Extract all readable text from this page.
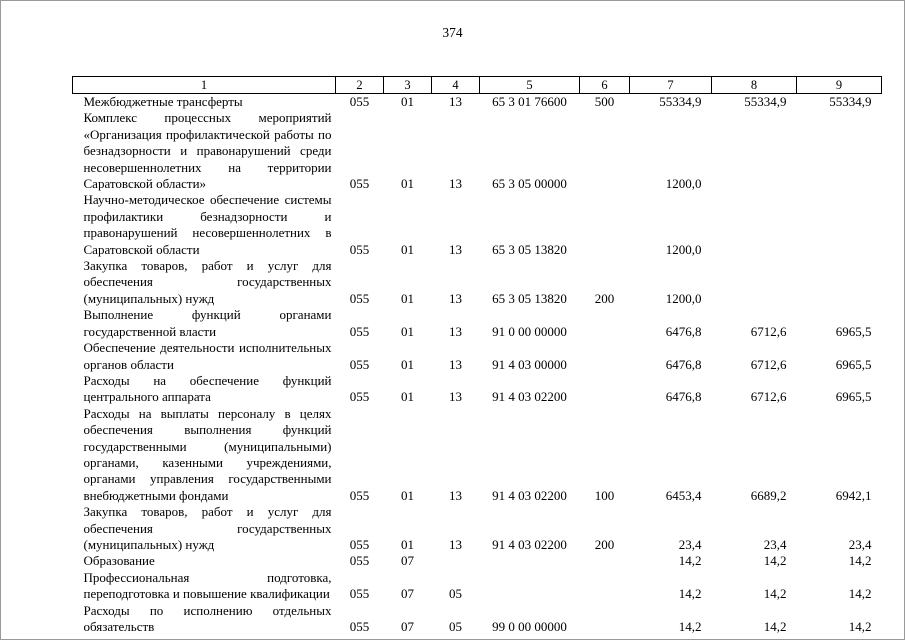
374
1	2	3	4	5	6	7	8	9
Межбюджетные трансферты	055	01	13	65 3 01 76600	500	55334,9	55334,9	55334,9
Комплекс процессных мероприятий «Организация профилактической работы по безнадзорности и правонарушений среди несовершеннолетних на территории Саратовской области»	055	01	13	65 3 05 00000		1200,0		
Научно-методическое обеспечение системы профилактики безнадзорности и правонарушений несовершеннолетних в Саратовской области	055	01	13	65 3 05 13820		1200,0		
Закупка товаров, работ и услуг для обеспечения государственных (муниципальных) нужд	055	01	13	65 3 05 13820	200	1200,0		
Выполнение функций органами государственной власти	055	01	13	91 0 00 00000		6476,8	6712,6	6965,5
Обеспечение деятельности исполнительных органов области	055	01	13	91 4 03 00000		6476,8	6712,6	6965,5
Расходы на обеспечение функций центрального аппарата	055	01	13	91 4 03 02200		6476,8	6712,6	6965,5
Расходы на выплаты персоналу в целях обеспечения выполнения функций государственными (муниципальными) органами, казенными учреждениями, органами управления государственными внебюджетными фондами	055	01	13	91 4 03 02200	100	6453,4	6689,2	6942,1
Закупка товаров, работ и услуг для обеспечения государственных (муниципальных) нужд	055	01	13	91 4 03 02200	200	23,4	23,4	23,4
Образование	055	07				14,2	14,2	14,2
Профессиональная подготовка, переподготовка и повышение квалификации	055	07	05			14,2	14,2	14,2
Расходы по исполнению отдельных обязательств	055	07	05	99 0 00 00000		14,2	14,2	14,2
